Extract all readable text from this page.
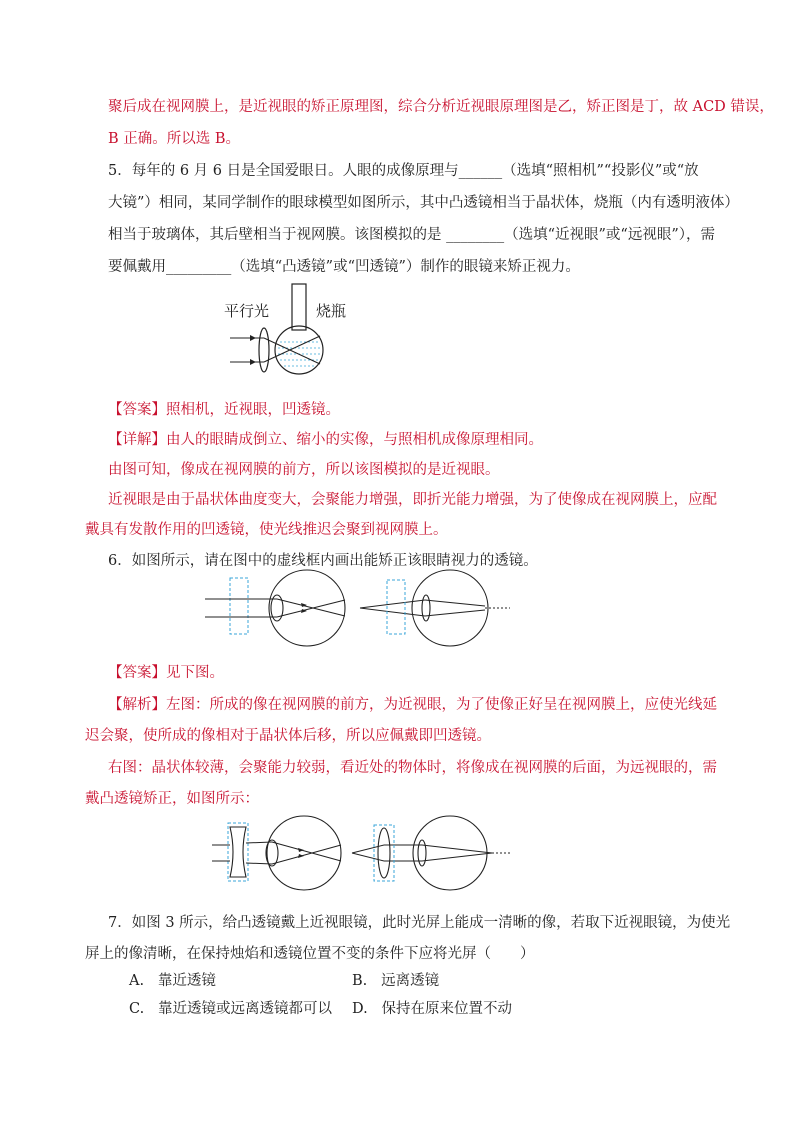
聚后成在视网膜上，是近视眼的矫正原理图，综合分析近视眼原理图是乙，矫正图是丁，故 ACD 错误，
B 正确。所以选 B。
5．每年的 6 月 6 日是全国爱眼日。人眼的成像原理与______（选填“照相机”“投影仪”或“放
大镜”）相同，某同学制作的眼球模型如图所示，其中凸透镜相当于晶状体，烧瓶（内有透明液体）
相当于玻璃体，其后壁相当于视网膜。该图模拟的是 ________（选填“近视眼”或“远视眼”），需
要佩戴用_________（选填“凸透镜”或“凹透镜”）制作的眼镜来矫正视力。
平行光	烧瓶
【答案】照相机，近视眼，凹透镜。
【详解】由人的眼睛成倒立、缩小的实像，与照相机成像原理相同。
由图可知，像成在视网膜的前方，所以该图模拟的是近视眼。
近视眼是由于晶状体曲度变大，会聚能力增强，即折光能力增强，为了使像成在视网膜上，应配
戴具有发散作用的凹透镜，使光线推迟会聚到视网膜上。
6．如图所示，请在图中的虚线框内画出能矫正该眼睛视力的透镜。
【答案】见下图。
【解析】左图：所成的像在视网膜的前方，为近视眼，为了使像正好呈在视网膜上，应使光线延
迟会聚，使所成的像相对于晶状体后移，所以应佩戴即凹透镜。
右图：晶状体较薄，会聚能力较弱，看近处的物体时，将像成在视网膜的后面，为远视眼的，需
戴凸透镜矫正，如图所示：
7．如图 3 所示，给凸透镜戴上近视眼镜，此时光屏上能成一清晰的像，若取下近视眼镜，为使光
屏上的像清晰，在保持烛焰和透镜位置不变的条件下应将光屏（　　）
A. 靠近透镜	B. 远离透镜
C. 靠近透镜或远离透镜都可以 D. 保持在原来位置不动
